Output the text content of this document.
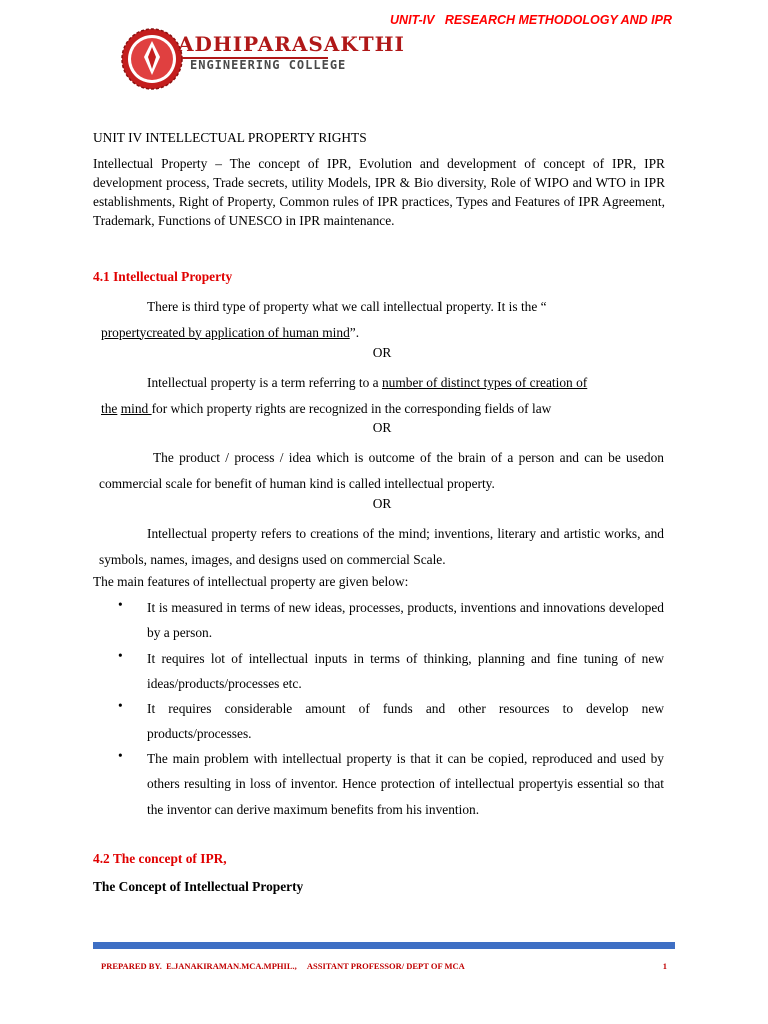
UNIT-IV   RESEARCH METHODOLOGY AND IPR
ADHIPARASAKTHI
ENGINEERING COLLEGE

UNIT IV INTELLECTUAL PROPERTY RIGHTS

Intellectual Property – The concept of IPR, Evolution and development of concept of IPR, IPR development process, Trade secrets, utility Models, IPR & Bio diversity, Role of WIPO and WTO in IPR establishments, Right of Property, Common rules of IPR practices, Types and Features of IPR Agreement, Trademark, Functions of UNESCO in IPR maintenance.

4.1 Intellectual Property
There is third type of property what we call intellectual property. It is the “
propertycreated by application of human mind”.
OR
Intellectual property is a term referring to a number of distinct types of creation of
the mind for which property rights are recognized in the corresponding fields of law
OR

The product / process / idea which is outcome of the brain of a person and can be usedon commercial scale for benefit of human kind is called intellectual property.

OR

Intellectual property refers to creations of the mind; inventions, literary and artistic works, and symbols, names, images, and designs used on commercial Scale.

The main features of intellectual property are given below:

• It is measured in terms of new ideas, processes, products, inventions and innovations developed by a person.
• It requires lot of intellectual inputs in terms of thinking, planning and fine tuning of new ideas/products/processes etc.
• It requires considerable amount of funds and other resources to develop new products/processes.
• The main problem with intellectual property is that it can be copied, reproduced and used by others resulting in loss of inventor. Hence protection of intellectual propertyis essential so that the inventor can derive maximum benefits from his invention.
4.2 The concept of IPR,
The Concept of Intellectual Property
PREPARED BY.  E.JANAKIRAMAN.MCA.MPHIL.,     ASSITANT PROFESSOR/ DEPT OF MCA	1
